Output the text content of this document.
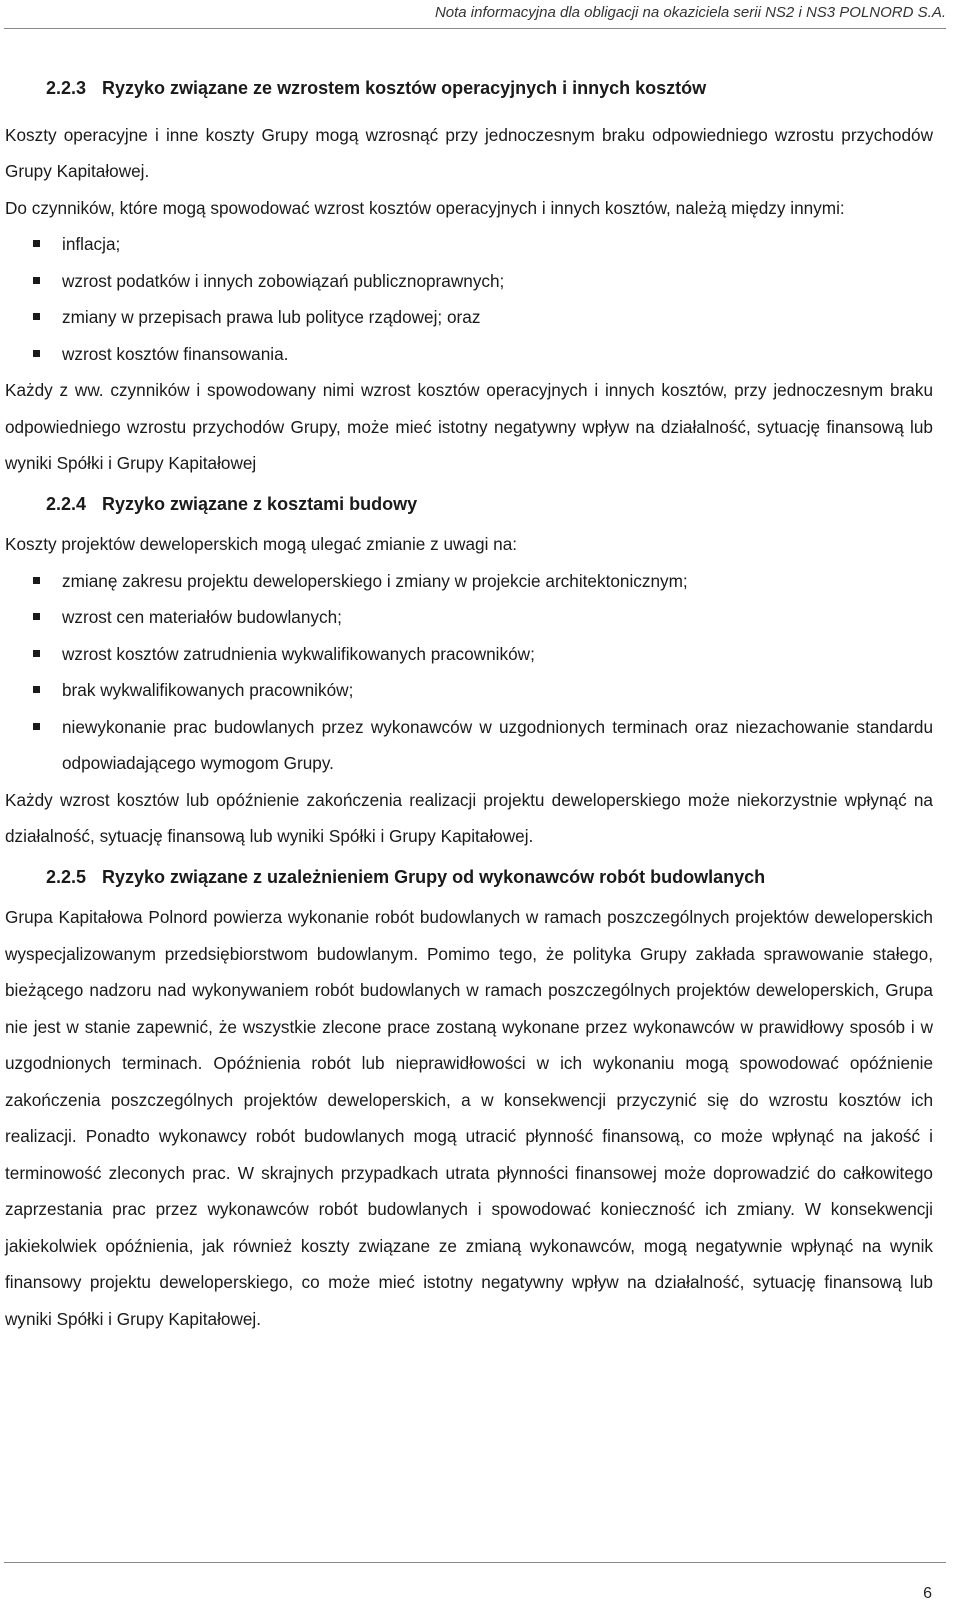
Nota informacyjna dla obligacji na okaziciela serii NS2 i NS3 POLNORD S.A.

2.2.3 Ryzyko związane ze wzrostem kosztów operacyjnych i innych kosztów

Koszty operacyjne i inne koszty Grupy mogą wzrosnąć przy jednoczesnym braku odpowiedniego wzrostu przychodów Grupy Kapitałowej.

Do czynników, które mogą spowodować wzrost kosztów operacyjnych i innych kosztów, należą między innymi:

inflacja;
wzrost podatków i innych zobowiązań publicznoprawnych;
zmiany w przepisach prawa lub polityce rządowej; oraz
wzrost kosztów finansowania.

Każdy z ww. czynników i spowodowany nimi wzrost kosztów operacyjnych i innych kosztów, przy jednoczesnym braku odpowiedniego wzrostu przychodów Grupy, może mieć istotny negatywny wpływ na działalność, sytuację finansową lub wyniki Spółki i Grupy Kapitałowej

2.2.4 Ryzyko związane z kosztami budowy

Koszty projektów deweloperskich mogą ulegać zmianie z uwagi na:

zmianę zakresu projektu deweloperskiego i zmiany w projekcie architektonicznym;
wzrost cen materiałów budowlanych;
wzrost kosztów zatrudnienia wykwalifikowanych pracowników;
brak wykwalifikowanych pracowników;
niewykonanie prac budowlanych przez wykonawców w uzgodnionych terminach oraz niezachowanie standardu odpowiadającego wymogom Grupy.

Każdy wzrost kosztów lub opóźnienie zakończenia realizacji projektu deweloperskiego może niekorzystnie wpłynąć na działalność, sytuację finansową lub wyniki Spółki i Grupy Kapitałowej.

2.2.5 Ryzyko związane z uzależnieniem Grupy od wykonawców robót budowlanych

Grupa Kapitałowa Polnord powierza wykonanie robót budowlanych w ramach poszczególnych projektów deweloperskich wyspecjalizowanym przedsiębiorstwom budowlanym. Pomimo tego, że polityka Grupy zakłada sprawowanie stałego, bieżącego nadzoru nad wykonywaniem robót budowlanych w ramach poszczególnych projektów deweloperskich, Grupa nie jest w stanie zapewnić, że wszystkie zlecone prace zostaną wykonane przez wykonawców w prawidłowy sposób i w uzgodnionych terminach. Opóźnienia robót lub nieprawidłowości w ich wykonaniu mogą spowodować opóźnienie zakończenia poszczególnych projektów deweloperskich, a w konsekwencji przyczynić się do wzrostu kosztów ich realizacji. Ponadto wykonawcy robót budowlanych mogą utracić płynność finansową, co może wpłynąć na jakość i terminowość zleconych prac. W skrajnych przypadkach utrata płynności finansowej może doprowadzić do całkowitego zaprzestania prac przez wykonawców robót budowlanych i spowodować konieczność ich zmiany. W konsekwencji jakiekolwiek opóźnienia, jak również koszty związane ze zmianą wykonawców, mogą negatywnie wpłynąć na wynik finansowy projektu deweloperskiego, co może mieć istotny negatywny wpływ na działalność, sytuację finansową lub wyniki Spółki i Grupy Kapitałowej.

6
